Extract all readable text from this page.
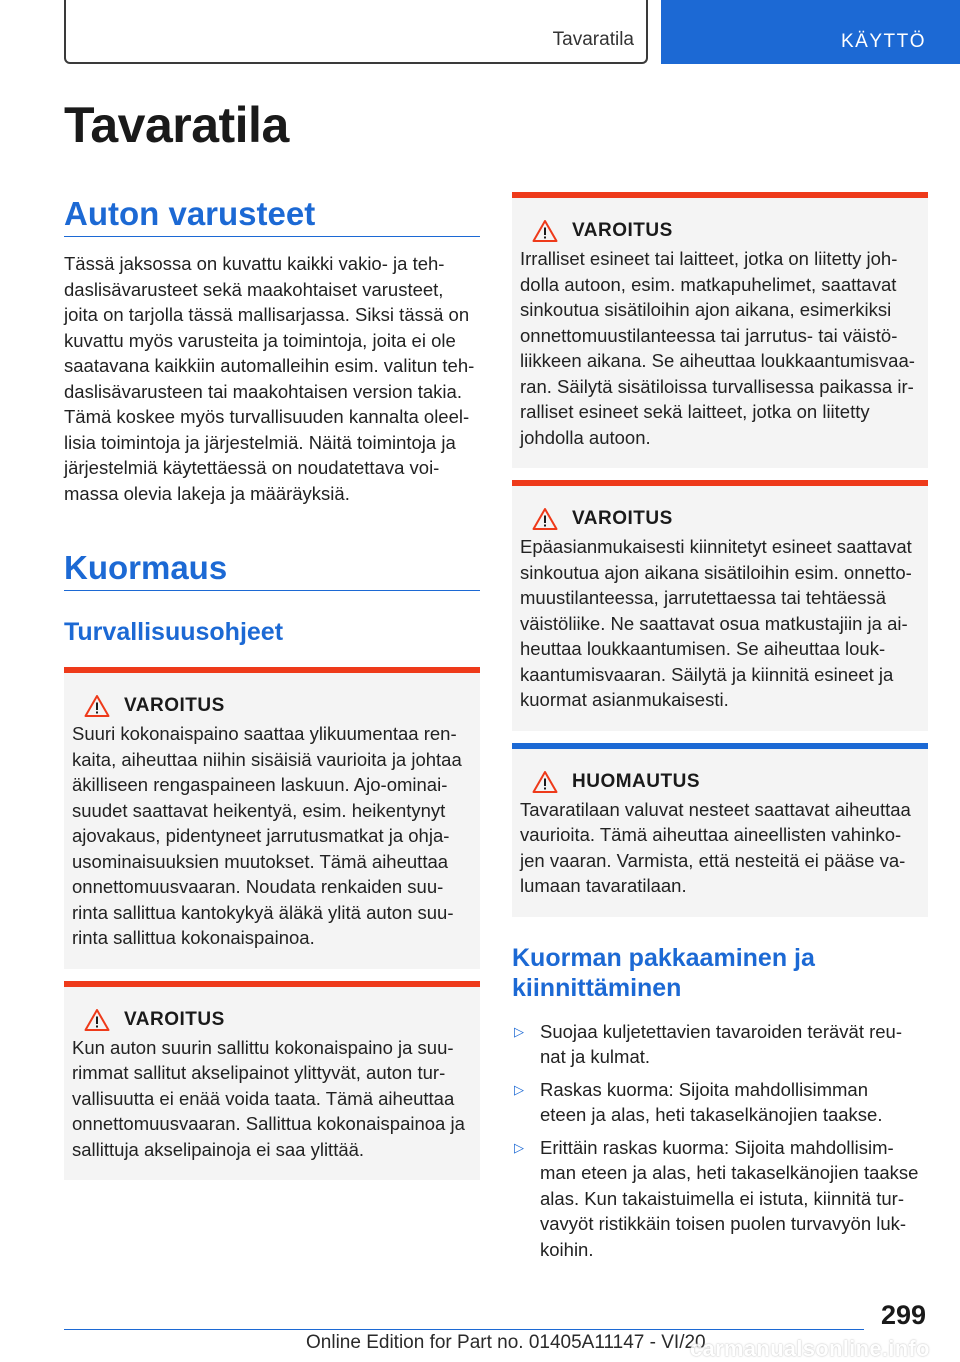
Tavaratila	KÄYTTÖ
Tavaratila
Auton varusteet

Tässä jaksossa on kuvattu kaikki vakio- ja teh‐

daslisävarusteet sekä maakohtaiset varusteet,

joita on tarjolla tässä mallisarjassa. Siksi tässä on

kuvattu myös varusteita ja toimintoja, joita ei ole

saatavana kaikkiin automalleihin esim. valitun teh‐

daslisävarusteen tai maakohtaisen version takia.

Tämä koskee myös turvallisuuden kannalta oleel‐

lisia toimintoja ja järjestelmiä. Näitä toimintoja ja

järjestelmiä käytettäessä on noudatettava voi‐

massa olevia lakeja ja määräyksiä.

Kuormaus
Turvallisuusohjeet
VAROITUS

Suuri kokonaispaino saattaa ylikuumentaa ren‐

kaita, aiheuttaa niihin sisäisiä vaurioita ja johtaa

äkilliseen rengaspaineen laskuun. Ajo-ominai‐

suudet saattavat heikentyä, esim. heikentynyt

ajovakaus, pidentyneet jarrutusmatkat ja ohja‐

usominaisuuksien muutokset. Tämä aiheuttaa

onnettomuusvaaran. Noudata renkaiden suu‐

rinta sallittua kantokykyä äläkä ylitä auton suu‐

rinta sallittua kokonaispainoa.

VAROITUS

Kun auton suurin sallittu kokonaispaino ja suu‐

rimmat sallitut akselipainot ylittyvät, auton tur‐

vallisuutta ei enää voida taata. Tämä aiheuttaa

onnettomuusvaaran. Sallittua kokonaispainoa ja

sallittuja akselipainoja ei saa ylittää.

VAROITUS

Irralliset esineet tai laitteet, jotka on liitetty joh‐

dolla autoon, esim. matkapuhelimet, saattavat

sinkoutua sisätiloihin ajon aikana, esimerkiksi

onnettomuustilanteessa tai jarrutus- tai väistö‐

liikkeen aikana. Se aiheuttaa loukkaantumisvaa‐

ran. Säilytä sisätiloissa turvallisessa paikassa ir‐

ralliset esineet sekä laitteet, jotka on liitetty

johdolla autoon.

VAROITUS

Epäasianmukaisesti kiinnitetyt esineet saattavat

sinkoutua ajon aikana sisätiloihin esim. onnetto‐

muustilanteessa, jarrutettaessa tai tehtäessä

väistöliike. Ne saattavat osua matkustajiin ja ai‐

heuttaa loukkaantumisen. Se aiheuttaa louk‐

kaantumisvaaran. Säilytä ja kiinnitä esineet ja

kuormat asianmukaisesti.

HUOMAUTUS

Tavaratilaan valuvat nesteet saattavat aiheuttaa

vaurioita. Tämä aiheuttaa aineellisten vahinko‐

jen vaaran. Varmista, että nesteitä ei pääse va‐

lumaan tavaratilaan.

Kuorman pakkaaminen ja
kiinnittäminen
▷ Suojaa kuljetettavien tavaroiden terävät reu‐

nat ja kulmat.

▷ Raskas kuorma: Sijoita mahdollisimman

eteen ja alas, heti takaselkänojien taakse.

▷ Erittäin raskas kuorma: Sijoita mahdollisim‐

man eteen ja alas, heti takaselkänojien taakse

alas. Kun takaistuimella ei istuta, kiinnitä tur‐

vavyöt ristikkäin toisen puolen turvavyön luk‐

koihin.

299
Online Edition for Part no. 01405A11147 - VI/20
carmanualsonline.info
